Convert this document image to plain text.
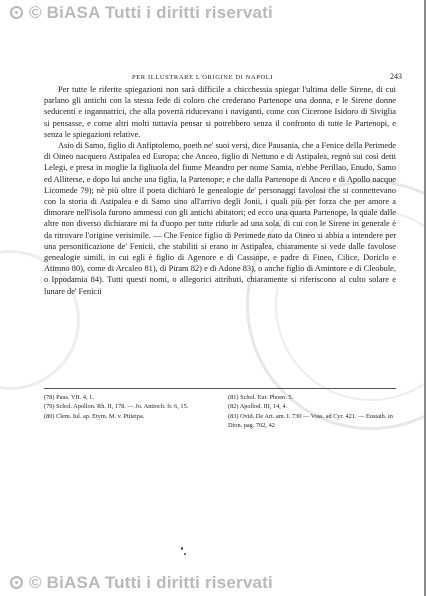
© BiASA Tutti i diritti riservati
PER ILLUSTRARE L'ORIGINE DI NAPOLI	243

Per tutte le riferite spiegazioni non sarà difficile a chicchessia spiegar l'ultima delle Sirene, di cui parlano gli antichi con la stessa fede di coloro che crederano Partenope una donna, e le Sirene donne seducenti e ingannatrici, che alla povertà riducevano i naviganti, come con Cicerone Isidoro di Siviglia si pensasse, e come altri molti tuttavia pensar si potrebbero senza il confronto di tutte le Partenopi, e senza le spiegazioni relative.

Asio di Samo, figlio di Anfiptolemo, poeth ne' suoi versi, dice Pausania, che a Fenice della Perimede di Oineo nacquero Astipalea ed Europa; che Anceo, figlio di Nettuno e di Astipalea, regnò sui così detti Lelegi, e presa in moglie la figliuola del fiume Meandro per nome Samia, n'ebbe Perillao, Enudo, Samo ed Alliterse, e dopo lui anche una figlia, la Partenope; e che dalla Partenope di Anceo e di Apollo nacque Licomede 79); nè più oltre il poeta dichiarò le genealogie de' personaggi favolosi che si connettevano con la storia di Astipalea e di Samo sino all'arrivo degli Jonii, i quali più per forza che per amore a dimorare nell'isola furono ammessi con gli antichi abitatori; ed ecco una quarta Partenope, la quale dalle altre non diverso dichiarare mi fa d'uopo per tutte ridurle ad una sola, di cui con le Sirene in generale è da ritrovare l'origine verisimile. — Che Fenice figlio di Perimede nato da Oineo si abbia a intendere per una personificazione de' Fenicii, che stabiliti si erano in Astipalea, chiaramente si vede dalle favolose genealogie simili, in cui egli è figlio di Agenore e di Cassiope, e padre di Fineo, Cilice, Doriclo e Atimno 80), come di Arcaleo 81), di Piram 82) e di Adone 83), o anche figlio di Amintore e di Cleobule, o Ippodamia 84). Tutti questi nomi, o allegorici attributi, chiaramente si riferiscono al culto solare e lunare de' Fenicii

(78) Paus. VII. 4, 1.

(79) Schol. Apollon. Rh. II, 178. — Jo. Antioch. fr. 6, 15.

(80) Clem. Iul. ap. Etym. M. v. Ptiteipa.

(81) Schol. Eur. Phoen. 5.

(82) Apollod. III, 14, 4.

(83) Ovid. De Art. am. I. 730 — Voss. ad Cyr. 421. — Eustath. in Dion. pag. 702, 42

© BiASA Tutti i diritti riservati
